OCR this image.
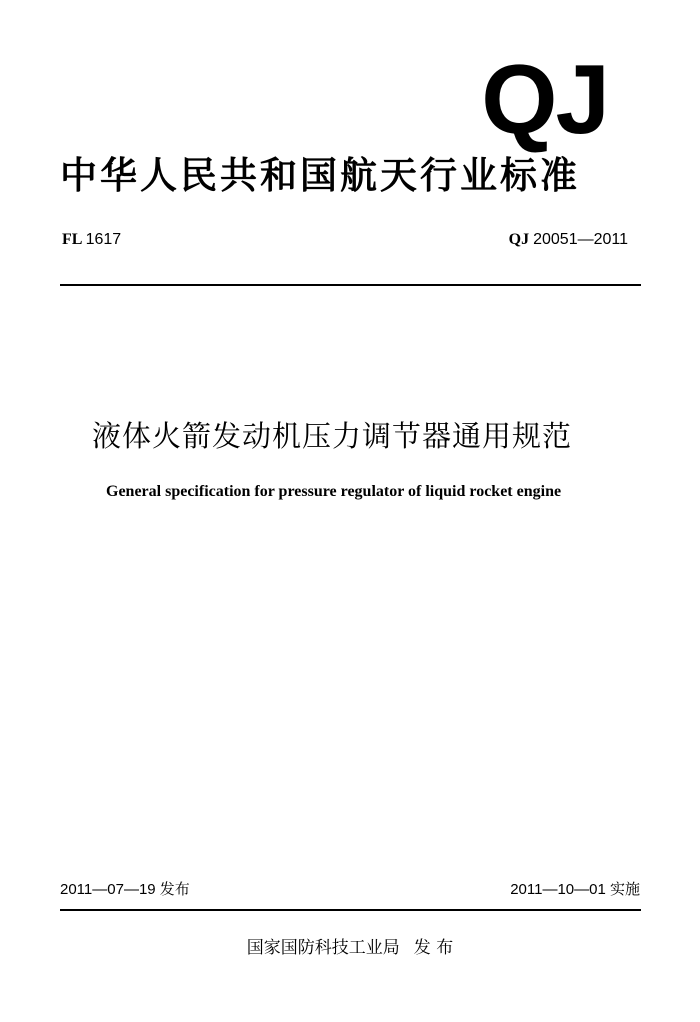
QJ
中华人民共和国航天行业标准
FL 1617	QJ 20051—2011
液体火箭发动机压力调节器通用规范
General specification for pressure regulator of liquid rocket engine
2011—07—19 发布	2011—10—01 实施
国家国防科技工业局 发 布
